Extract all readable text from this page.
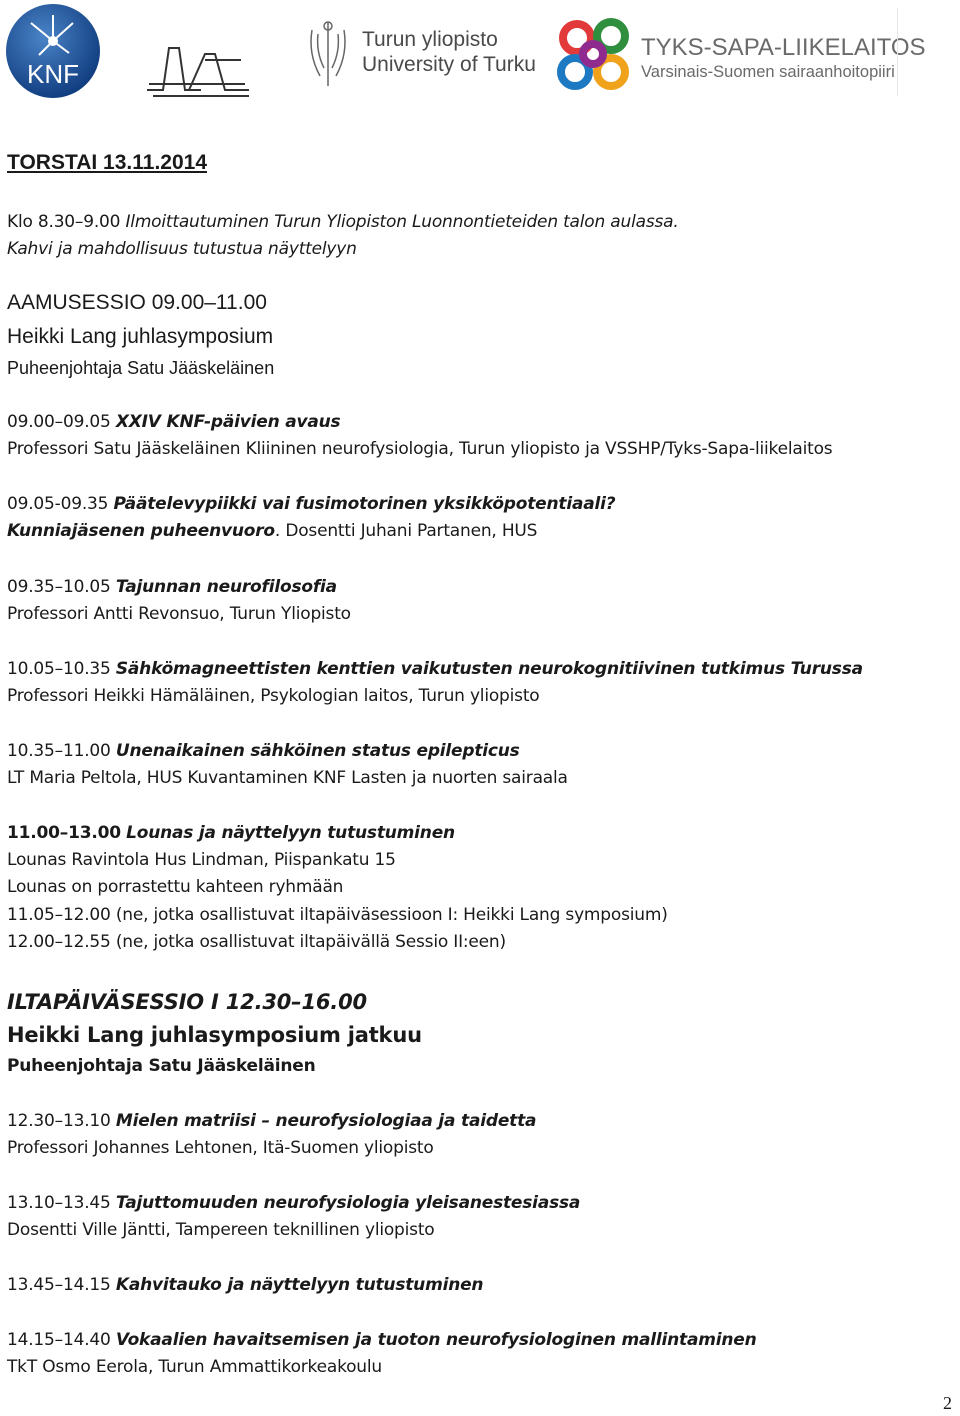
KNF
Turun yliopisto
University of Turku
TYKS-SAPA-LIIKELAITOS
Varsinais-Suomen sairaanhoitopiiri
TORSTAI 13.11.2014
Klo 8.30–9.00 Ilmoittautuminen Turun Yliopiston Luonnontieteiden talon aulassa.
Kahvi ja mahdollisuus tutustua näyttelyyn
AAMUSESSIO 09.00–11.00
Heikki Lang juhlasymposium
Puheenjohtaja Satu Jääskeläinen
09.00–09.05 XXIV KNF-päivien avaus
Professori Satu Jääskeläinen Kliininen neurofysiologia, Turun yliopisto ja VSSHP/Tyks-Sapa-liikelaitos
09.05-09.35 Päätelevypiikki vai fusimotorinen yksikköpotentiaali?
Kunniajäsenen puheenvuoro. Dosentti Juhani Partanen, HUS
09.35–10.05 Tajunnan neurofilosofia
Professori Antti Revonsuo, Turun Yliopisto
10.05–10.35 Sähkömagneettisten kenttien vaikutusten neurokognitiivinen tutkimus Turussa
Professori Heikki Hämäläinen, Psykologian laitos, Turun yliopisto
10.35–11.00 Unenaikainen sähköinen status epilepticus
LT Maria Peltola, HUS Kuvantaminen KNF Lasten ja nuorten sairaala
11.00–13.00 Lounas ja näyttelyyn tutustuminen
Lounas Ravintola Hus Lindman, Piispankatu 15
Lounas on porrastettu kahteen ryhmään
11.05–12.00 (ne, jotka osallistuvat iltapäiväsessioon I: Heikki Lang symposium)
12.00–12.55 (ne, jotka osallistuvat iltapäivällä Sessio II:een)
ILTAPÄIVÄSESSIO I 12.30–16.00
Heikki Lang juhlasymposium jatkuu
Puheenjohtaja Satu Jääskeläinen
12.30–13.10 Mielen matriisi – neurofysiologiaa ja taidetta
Professori Johannes Lehtonen, Itä-Suomen yliopisto
13.10–13.45 Tajuttomuuden neurofysiologia yleisanestesiassa
Dosentti Ville Jäntti, Tampereen teknillinen yliopisto
13.45–14.15 Kahvitauko ja näyttelyyn tutustuminen
14.15–14.40 Vokaalien havaitsemisen ja tuoton neurofysiologinen mallintaminen
TkT Osmo Eerola, Turun Ammattikorkeakoulu
2
